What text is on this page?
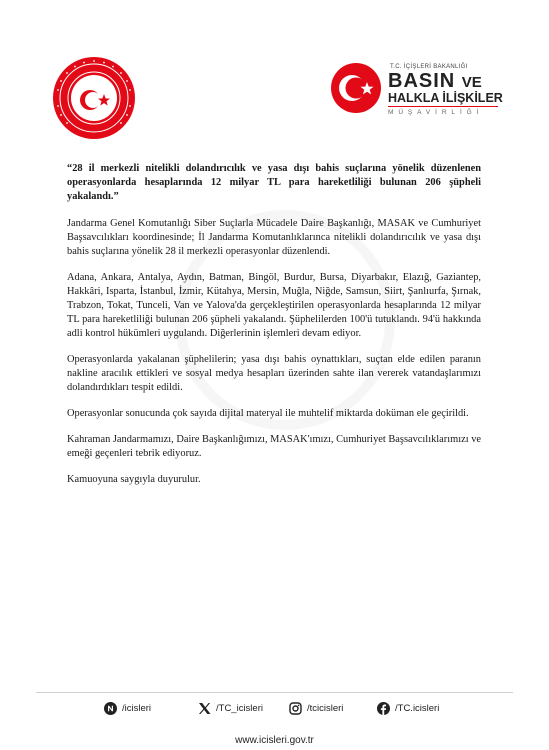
T.C. İÇİŞLERİ BAKANLIĞI
BASIN VE
HALKLA İLİŞKİLER
MÜŞAVİRLİĞİ

“28 il merkezli nitelikli dolandırıcılık ve yasa dışı bahis suçlarına yönelik düzenlenen operasyonlarda hesaplarında 12 milyar TL para hareketliliği bulunan 206 şüpheli yakalandı.”

Jandarma Genel Komutanlığı Siber Suçlarla Mücadele Daire Başkanlığı, MASAK ve Cumhuriyet Başsavcılıkları koordinesinde; İl Jandarma Komutanlıklarınca nitelikli dolandırıcılık ve yasa dışı bahis suçlarına yönelik 28 il merkezli operasyonlar düzenlendi.

Adana, Ankara, Antalya, Aydın, Batman, Bingöl, Burdur, Bursa, Diyarbakır, Elazığ, Gaziantep, Hakkâri, Isparta, İstanbul, İzmir, Kütahya, Mersin, Muğla, Niğde, Samsun, Siirt, Şanlıurfa, Şırnak, Trabzon, Tokat, Tunceli, Van ve Yalova'da gerçekleştirilen operasyonlarda hesaplarında 12 milyar TL para hareketliliği bulunan 206 şüpheli yakalandı. Şüphelilerden 100'ü tutuklandı. 94'ü hakkında adli kontrol hükümleri uygulandı. Diğerlerinin işlemleri devam ediyor.

Operasyonlarda yakalanan şüphelilerin; yasa dışı bahis oynattıkları, suçtan elde edilen paranın nakline aracılık ettikleri ve sosyal medya hesapları üzerinden sahte ilan vererek vatandaşlarımızı dolandırdıkları tespit edildi.

Operasyonlar sonucunda çok sayıda dijital materyal ile muhtelif miktarda doküman ele geçirildi.

Kahraman Jandarmamızı, Daire Başkanlığımızı, MASAK'ımızı, Cumhuriyet Başsavcılıklarımızı ve emeği geçenleri tebrik ediyoruz.

Kamuoyuna saygıyla duyurulur.

/icisleri	/TC_icisleri	/tcicisleri	/TC.icisleri
www.icisleri.gov.tr
